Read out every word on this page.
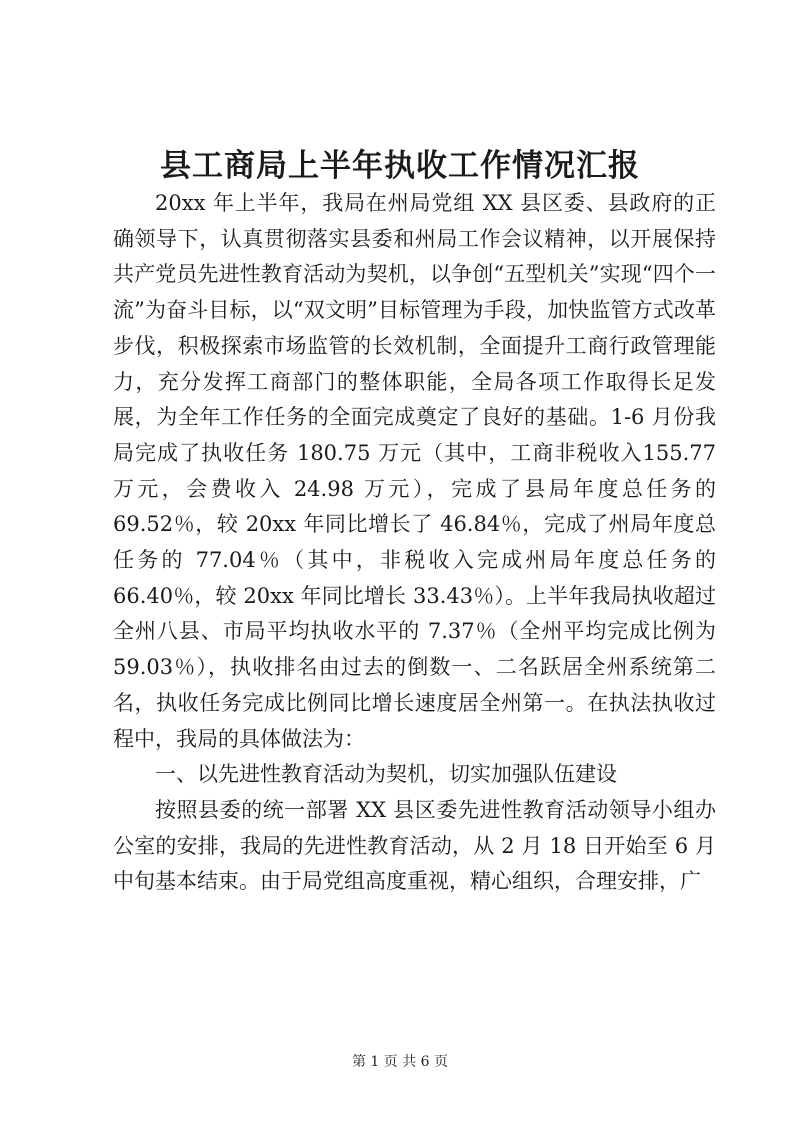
县工商局上半年执收工作情况汇报

20xx 年上半年，我局在州局党组 XX 县区委、县政府的正确领导下，认真贯彻落实县委和州局工作会议精神，以开展保持共产党员先进性教育活动为契机，以争创“五型机关”实现“四个一流”为奋斗目标，以“双文明”目标管理为手段，加快监管方式改革步伐，积极探索市场监管的长效机制，全面提升工商行政管理能力，充分发挥工商部门的整体职能，全局各项工作取得长足发展，为全年工作任务的全面完成奠定了良好的基础。1-6 月份我局完成了执收任务 180.75 万元（其中，工商非税收入155.77 万元，会费收入 24.98 万元），完成了县局年度总任务的69.52％，较 20xx 年同比增长了 46.84％，完成了州局年度总任务的 77.04％（其中，非税收入完成州局年度总任务的 66.40％，较 20xx 年同比增长 33.43％）。上半年我局执收超过全州八县、市局平均执收水平的 7.37％（全州平均完成比例为 59.03％），执收排名由过去的倒数一、二名跃居全州系统第二名，执收任务完成比例同比增长速度居全州第一。在执法执收过程中，我局的具体做法为：

一、以先进性教育活动为契机，切实加强队伍建设

按照县委的统一部署 XX 县区委先进性教育活动领导小组办公室的安排，我局的先进性教育活动，从 2 月 18 日开始至 6 月中旬基本结束。由于局党组高度重视，精心组织，合理安排，广

第 1 页 共 6 页
